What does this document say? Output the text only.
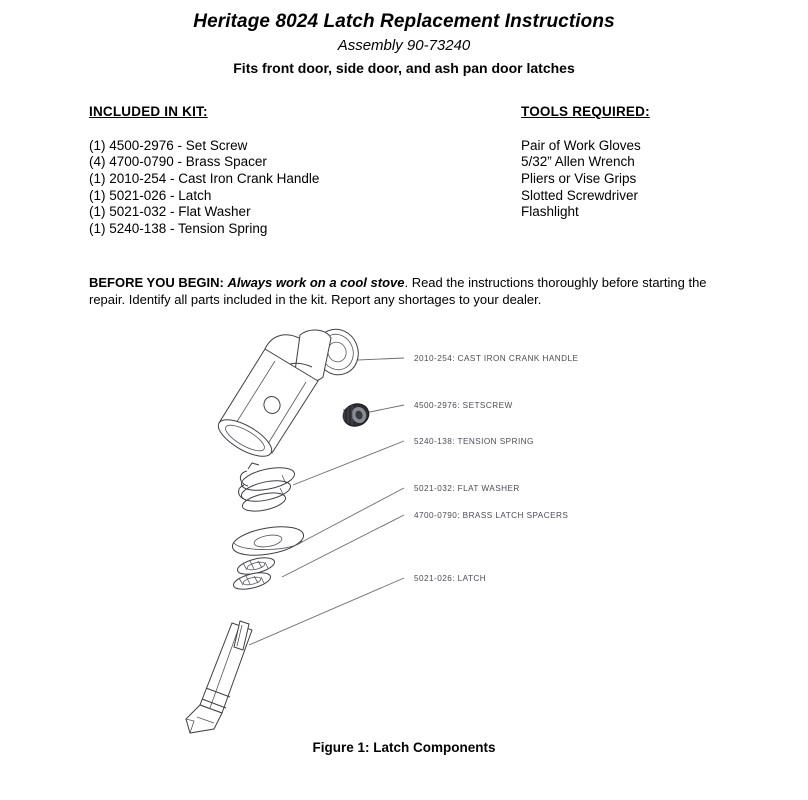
Heritage 8024 Latch Replacement Instructions
Assembly 90-73240
Fits front door, side door, and ash pan door latches
INCLUDED IN KIT:
(1) 4500-2976 - Set Screw
(4) 4700-0790 - Brass Spacer
(1) 2010-254 - Cast Iron Crank Handle
(1) 5021-026 - Latch
(1) 5021-032 - Flat Washer
(1) 5240-138 - Tension Spring
TOOLS REQUIRED:
Pair of Work Gloves
5/32” Allen Wrench
Pliers or Vise Grips
Slotted Screwdriver
Flashlight

BEFORE YOU BEGIN: Always work on a cool stove. Read the instructions thoroughly before starting the repair. Identify all parts included in the kit. Report any shortages to your dealer.

2010-254: CAST IRON CRANK HANDLE
4500-2976: SETSCREW
5240-138: TENSION SPRING
5021-032: FLAT WASHER
4700-0790: BRASS LATCH SPACERS
5021-026: LATCH
Figure 1: Latch Components
